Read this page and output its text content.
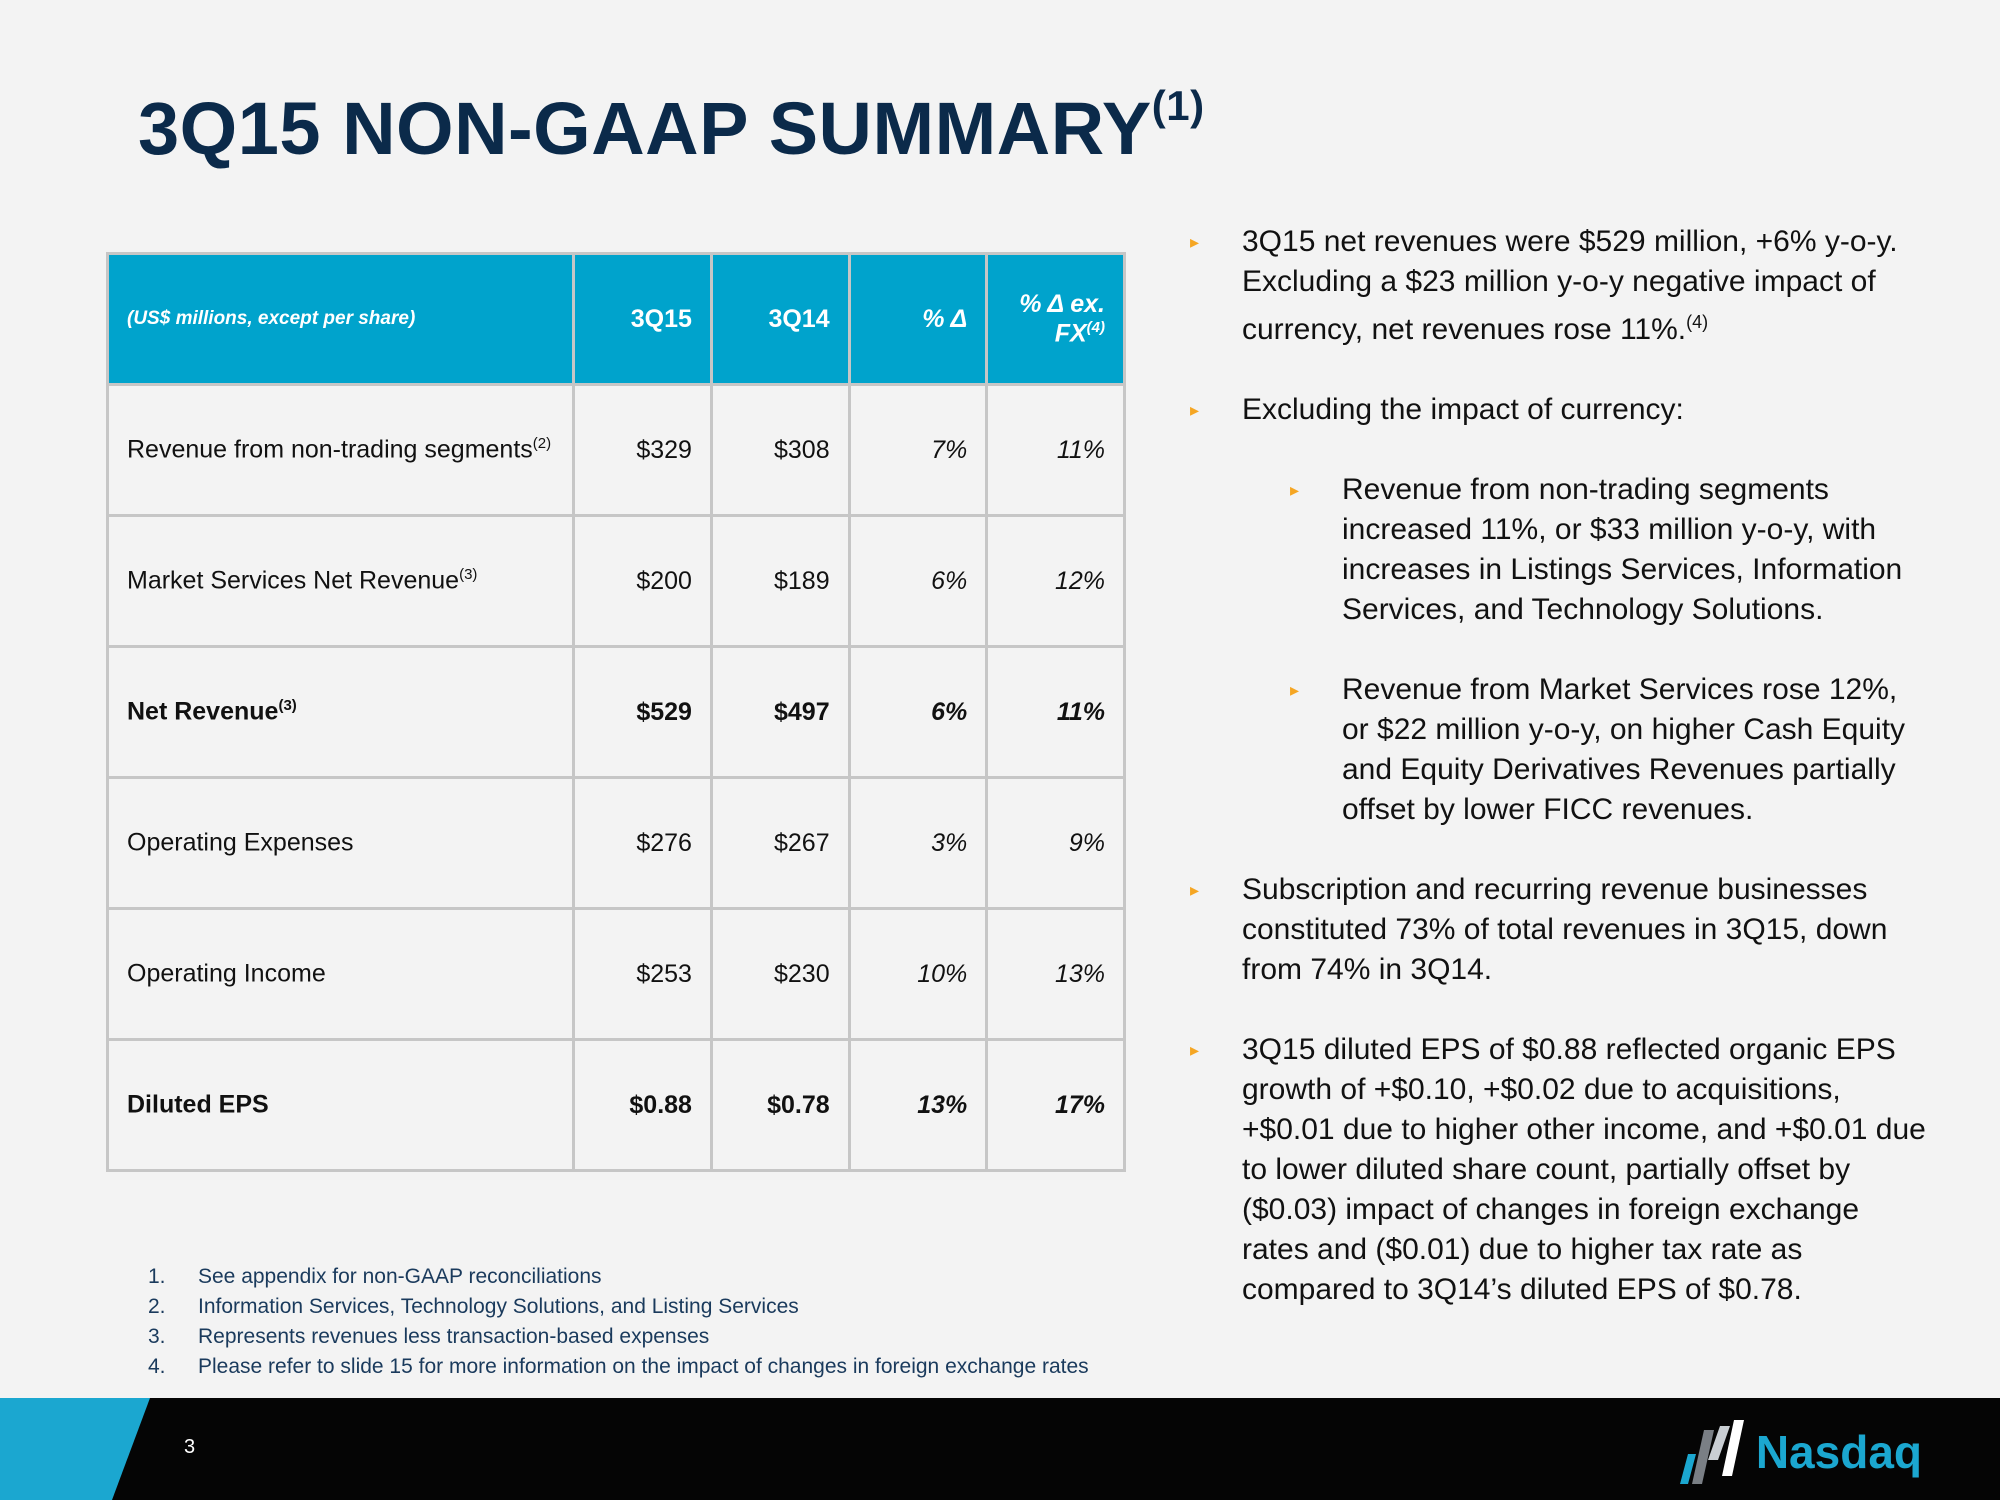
3Q15 NON-GAAP SUMMARY$^{(1)}$
(US$ millions, except per share)	3Q15	3Q14	% Δ	% Δ ex. FX$^{(4)}$
Revenue from non-trading segments$^{(2)}$	$329	$308	7%	11%
Market Services Net Revenue$^{(3)}$	$200	$189	6%	12%
Net Revenue$^{(3)}$	$529	$497	6%	11%
Operating Expenses	$276	$267	3%	9%
Operating Income	$253	$230	10%	13%
Diluted EPS	$0.88	$0.78	13%	17%
▸ 3Q15 net revenues were $529 million, +6% y-o-y. Excluding a $23 million y-o-y negative impact of currency, net revenues rose 11%.$^{(4)}$
▸ Excluding the impact of currency:
▸ Revenue from non-trading segments increased 11%, or $33 million y-o-y, with increases in Listings Services, Information Services, and Technology Solutions.
▸ Revenue from Market Services rose 12%, or $22 million y-o-y, on higher Cash Equity and Equity Derivatives Revenues partially offset by lower FICC revenues.
▸ Subscription and recurring revenue businesses constituted 73% of total revenues in 3Q15, down from 74% in 3Q14.
▸ 3Q15 diluted EPS of $0.88 reflected organic EPS growth of +$0.10, +$0.02 due to acquisitions, +$0.01 due to higher other income, and +$0.01 due to lower diluted share count, partially offset by ($0.03) impact of changes in foreign exchange rates and ($0.01) due to higher tax rate as compared to 3Q14’s diluted EPS of $0.78.
1.	See appendix for non-GAAP reconciliations
2.	Information Services, Technology Solutions, and Listing Services
3.	Represents revenues less transaction-based expenses
4.	Please refer to slide 15 for more information on the impact of changes in foreign exchange rates
3	Nasdaq
